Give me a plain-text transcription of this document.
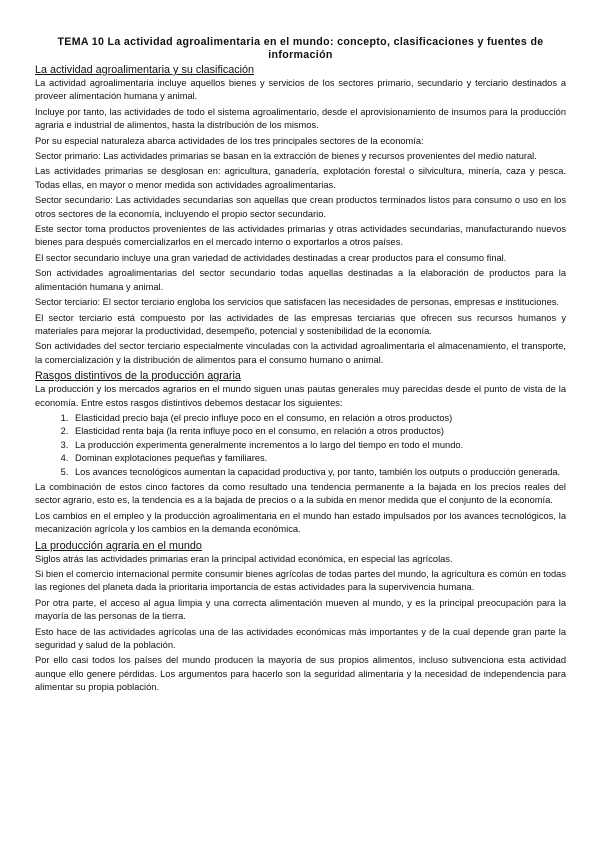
TEMA 10 La actividad agroalimentaria en el mundo: concepto, clasificaciones y fuentes de información
La actividad agroalimentaria y su clasificación

La actividad agroalimentaria incluye aquellos bienes y servicios de los sectores primario, secundario y terciario destinados a proveer alimentación humana y animal.

Incluye por tanto, las actividades de todo el sistema agroalimentario, desde el aprovisionamiento de insumos para la producción agraria e industrial de alimentos, hasta la distribución de los mismos.

Por su especial naturaleza abarca actividades de los tres principales sectores de la economía:

Sector primario: Las actividades primarias se basan en la extracción de bienes y recursos provenientes del medio natural.

Las actividades primarias se desglosan en: agricultura, ganadería, explotación forestal o silvicultura, minería, caza y pesca. Todas ellas, en mayor o menor medida son actividades agroalimentarias.

Sector secundario: Las actividades secundarias son aquellas que crean productos terminados listos para consumo o uso en los otros sectores de la economía, incluyendo el propio sector secundario.

Este sector toma productos provenientes de las actividades primarias y otras actividades secundarias, manufacturando nuevos bienes para después comercializarlos en el mercado interno o exportarlos a otros países.

El sector secundario incluye una gran variedad de actividades destinadas a crear productos para el consumo final.

Son actividades agroalimentarias del sector secundario todas aquellas destinadas a la elaboración de productos para la alimentación humana y animal.

Sector terciario: El sector terciario engloba los servicios que satisfacen las necesidades de personas, empresas e instituciones.

El sector terciario está compuesto por las actividades de las empresas terciarias que ofrecen sus recursos humanos y materiales para mejorar la productividad, desempeño, potencial y sostenibilidad de la economía.

Son actividades del sector terciario especialmente vinculadas con la actividad agroalimentaria el almacenamiento, el transporte, la comercialización y la distribución de alimentos para el consumo humano o animal.

Rasgos distintivos de la producción agraria

La producción y los mercados agrarios en el mundo siguen unas pautas generales muy parecidas desde el punto de vista de la economía. Entre estos rasgos distintivos debemos destacar los siguientes:

1. Elasticidad precio baja (el precio influye poco en el consumo, en relación a otros productos)
2. Elasticidad renta baja (la renta influye poco en el consumo, en relación a otros productos)
3. La producción experimenta generalmente incrementos a lo largo del tiempo en todo el mundo.
4. Dominan explotaciones pequeñas y familiares.
5. Los avances tecnológicos aumentan la capacidad productiva y, por tanto, también los outputs o producción generada.

La combinación de estos cinco factores da como resultado una tendencia permanente a la bajada en los precios reales del sector agrario, esto es, la tendencia es a la bajada de precios o a la subida en menor medida que el conjunto de la economía.

Los cambios en el empleo y la producción agroalimentaria en el mundo han estado impulsados por los avances tecnológicos, la mecanización agrícola y los cambios en la demanda económica.

La producción agraria en el mundo

Siglos atrás las actividades primarias eran la principal actividad económica, en especial las agrícolas.

Si bien el comercio internacional permite consumir bienes agrícolas de todas partes del mundo, la agricultura es común en todas las regiones del planeta dada la prioritaria importancia de estas actividades para la supervivencia humana.

Por otra parte, el acceso al agua limpia y una correcta alimentación mueven al mundo, y es la principal preocupación para la mayoría de las personas de la tierra.

Esto hace de las actividades agrícolas una de las actividades económicas más importantes y de la cual depende gran parte la seguridad y salud de la población.

Por ello casi todos los países del mundo producen la mayoría de sus propios alimentos, incluso subvenciona esta actividad aunque ello genere pérdidas. Los argumentos para hacerlo son la seguridad alimentaria y la necesidad de independencia para alimentar su propia población.
